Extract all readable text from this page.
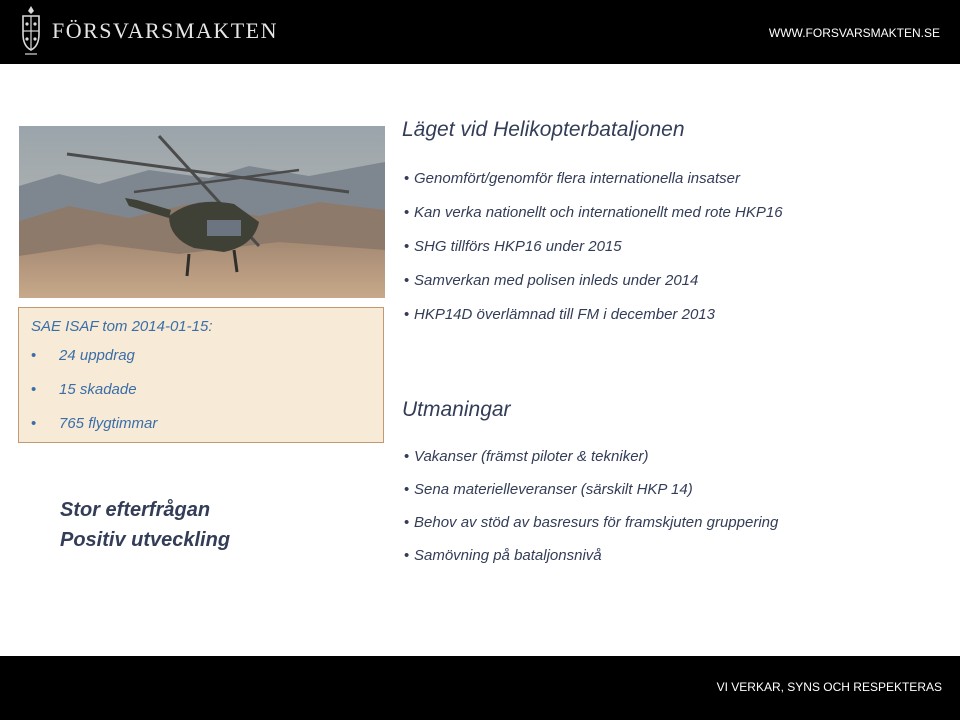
FÖRSVARSMAKTEN	WWW.FORSVARSMAKTEN.SE
SAE ISAF tom 2014-01-15:
• 24 uppdrag
• 15 skadade
• 765 flygtimmar
Stor efterfrågan
Positiv utveckling
Läget vid Helikopterbataljonen
• Genomfört/genomför flera internationella insatser
• Kan verka nationellt och internationellt med rote HKP16
• SHG tillförs HKP16 under 2015
• Samverkan med polisen inleds under 2014
• HKP14D överlämnad till FM i december 2013
Utmaningar
• Vakanser (främst piloter & tekniker)
• Sena materielleveranser (särskilt HKP 14)
• Behov av stöd av basresurs för framskjuten gruppering
• Samövning på bataljonsnivå
VI VERKAR, SYNS OCH RESPEKTERAS
